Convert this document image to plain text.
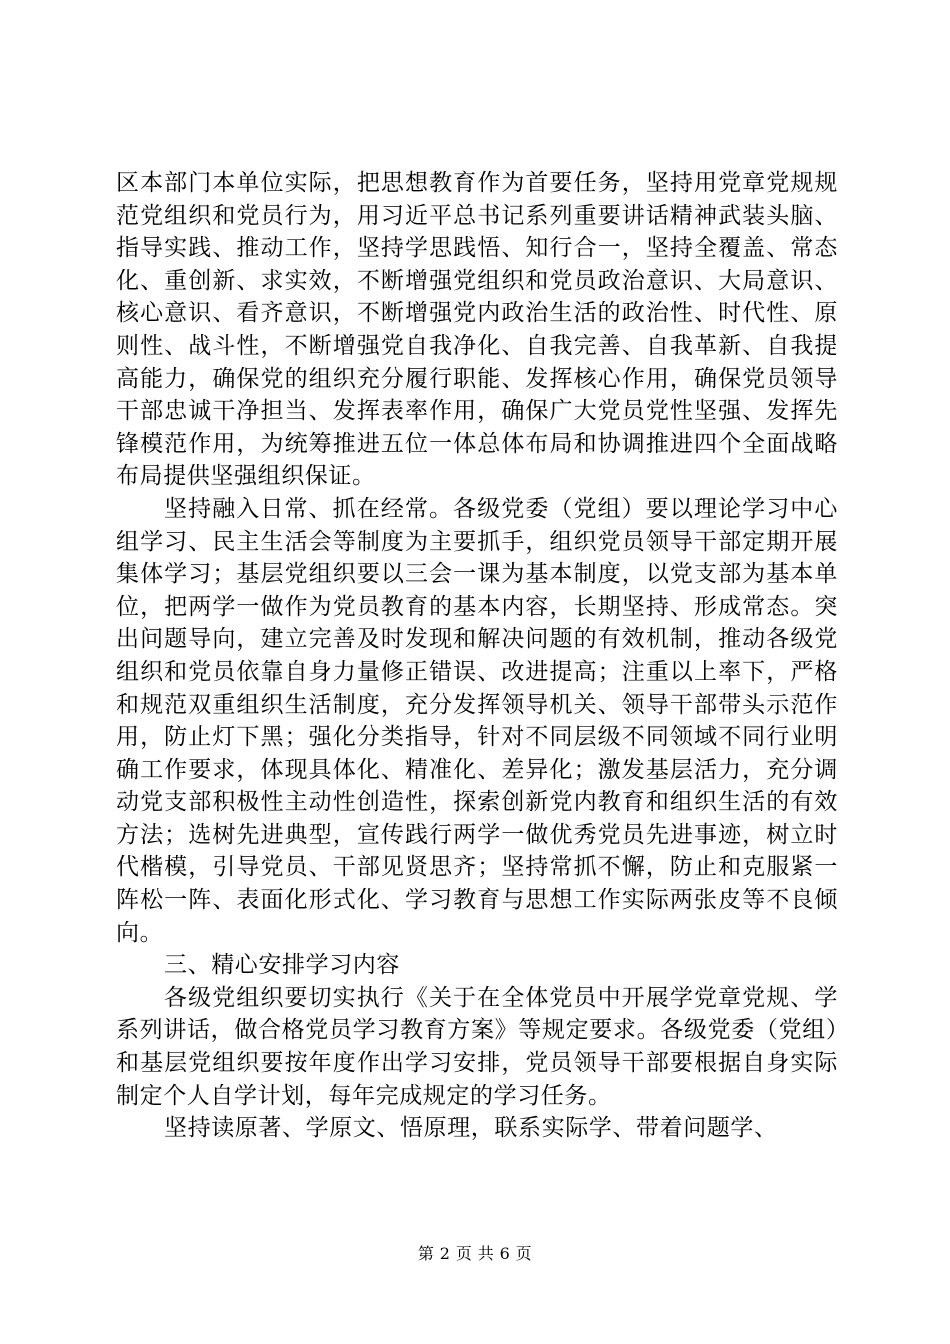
区本部门本单位实际，把思想教育作为首要任务，坚持用党章党规规范党组织和党员行为，用习近平总书记系列重要讲话精神武装头脑、指导实践、推动工作，坚持学思践悟、知行合一，坚持全覆盖、常态化、重创新、求实效，不断增强党组织和党员政治意识、大局意识、核心意识、看齐意识，不断增强党内政治生活的政治性、时代性、原则性、战斗性，不断增强党自我净化、自我完善、自我革新、自我提高能力，确保党的组织充分履行职能、发挥核心作用，确保党员领导干部忠诚干净担当、发挥表率作用，确保广大党员党性坚强、发挥先锋模范作用，为统筹推进五位一体总体布局和协调推进四个全面战略布局提供坚强组织保证。

坚持融入日常、抓在经常。各级党委（党组）要以理论学习中心组学习、民主生活会等制度为主要抓手，组织党员领导干部定期开展集体学习；基层党组织要以三会一课为基本制度，以党支部为基本单位，把两学一做作为党员教育的基本内容，长期坚持、形成常态。突出问题导向，建立完善及时发现和解决问题的有效机制，推动各级党组织和党员依靠自身力量修正错误、改进提高；注重以上率下，严格和规范双重组织生活制度，充分发挥领导机关、领导干部带头示范作用，防止灯下黑；强化分类指导，针对不同层级不同领域不同行业明确工作要求，体现具体化、精准化、差异化；激发基层活力，充分调动党支部积极性主动性创造性，探索创新党内教育和组织生活的有效方法；选树先进典型，宣传践行两学一做优秀党员先进事迹，树立时代楷模，引导党员、干部见贤思齐；坚持常抓不懈，防止和克服紧一阵松一阵、表面化形式化、学习教育与思想工作实际两张皮等不良倾向。

三、精心安排学习内容

各级党组织要切实执行《关于在全体党员中开展学党章党规、学系列讲话，做合格党员学习教育方案》等规定要求。各级党委（党组）和基层党组织要按年度作出学习安排，党员领导干部要根据自身实际制定个人自学计划，每年完成规定的学习任务。

坚持读原著、学原文、悟原理，联系实际学、带着问题学、

第 2 页 共 6 页
